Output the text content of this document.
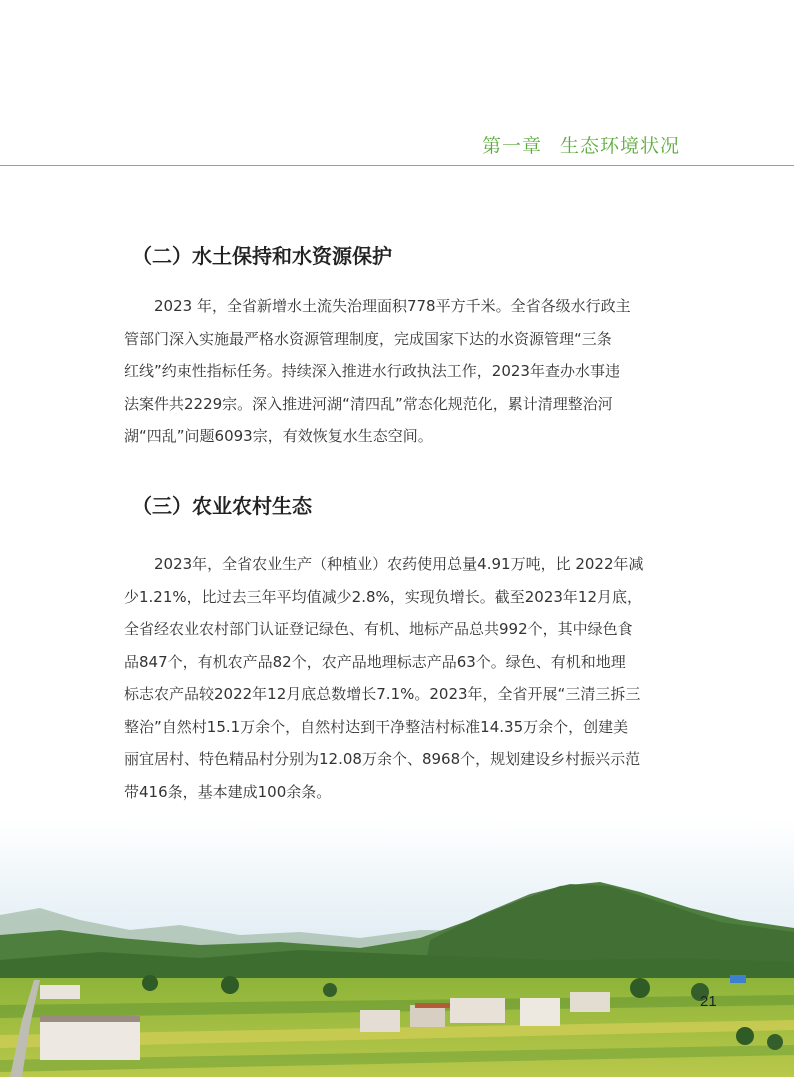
第一章 生态环境状况
（二）水土保持和水资源保护
2023 年，全省新增水土流失治理面积778平方千米。全省各级水行政主
管部门深入实施最严格水资源管理制度，完成国家下达的水资源管理“三条
红线”约束性指标任务。持续深入推进水行政执法工作，2023年查办水事违
法案件共2229宗。深入推进河湖“清四乱”常态化规范化，累计清理整治河
湖“四乱”问题6093宗，有效恢复水生态空间。
（三）农业农村生态
2023年，全省农业生产（种植业）农药使用总量4.91万吨，比 2022年减
少1.21%，比过去三年平均值减少2.8%，实现负增长。截至2023年12月底，
全省经农业农村部门认证登记绿色、有机、地标产品总共992个，其中绿色食
品847个，有机农产品82个，农产品地理标志产品63个。绿色、有机和地理
标志农产品较2022年12月底总数增长7.1%。2023年，全省开展“三清三拆三
整治”自然村15.1万余个，自然村达到干净整洁村标准14.35万余个，创建美
丽宜居村、特色精品村分别为12.08万余个、8968个，规划建设乡村振兴示范
带416条，基本建成100余条。
21
